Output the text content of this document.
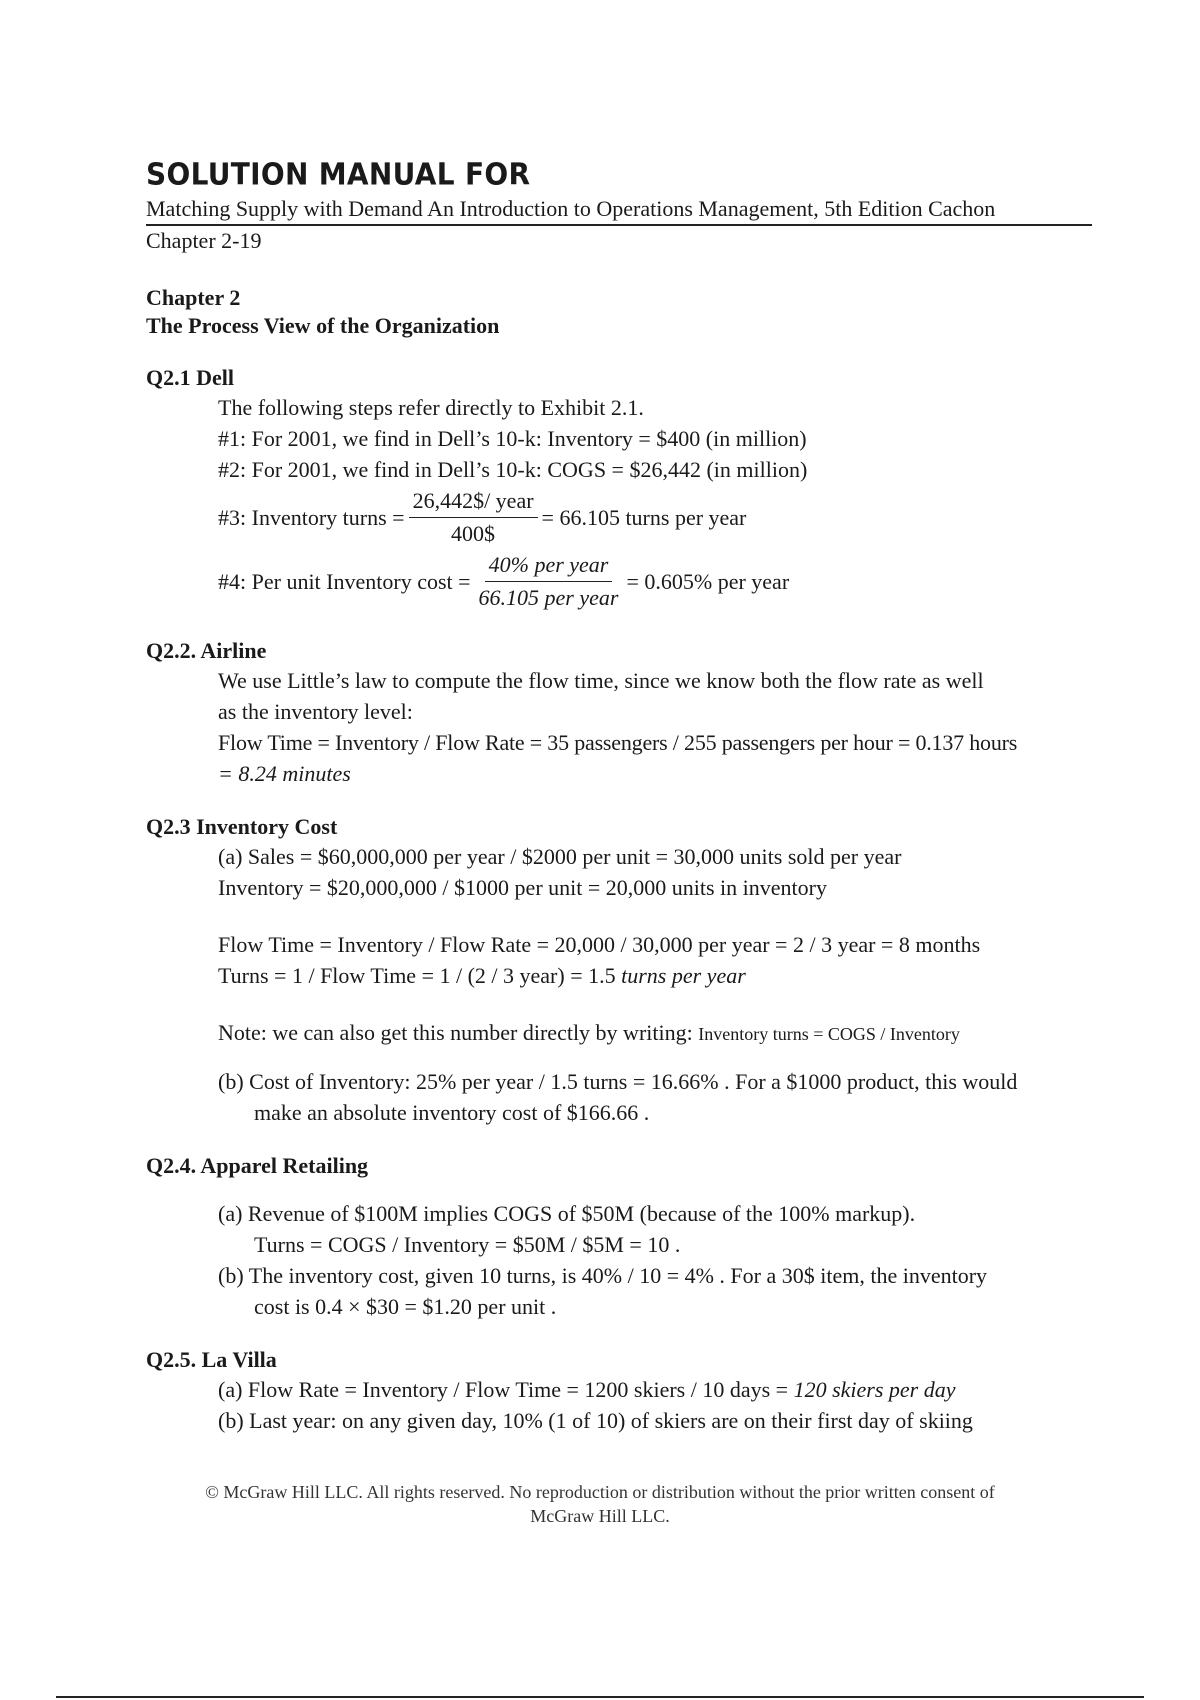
SOLUTION MANUAL FOR
Matching Supply with Demand An Introduction to Operations Management, 5th Edition Cachon
Chapter 2-19
Chapter 2
The Process View of the Organization
Q2.1 Dell
The following steps refer directly to Exhibit 2.1.
#1: For 2001, we find in Dell’s 10-k: Inventory = $400 (in million)
#2: For 2001, we find in Dell’s 10-k: COGS = $26,442 (in million)
#3: Inventory turns = $\frac{\text{26,442\$/ year}}{400\$} = 66.105$ turns per year
#4: Per unit Inventory $\cos t = \frac{\text{40\% per year}}{\text{66.105 per year}} = 0.605\%$ per year
Q2.2. Airline
We use Little’s law to compute the flow time, since we know both the flow rate as well
as the inventory level:
Flow Time = Inventory / Flow Rate = 35 passengers / 255 passengers per hour = 0.137 hours
= 8.24 minutes
Q2.3 Inventory Cost
(a) Sales = $60,000,000 per year / $2000 per unit = 30,000 units sold per year
Inventory = $20,000,000 / $1000 per unit = 20,000 units in inventory
Flow Time = Inventory / Flow Rate = 20,000 / 30,000 per year = 2 / 3 year = 8 months
Turns = 1 / Flow Time = 1 / (2 / 3 year) = 1.5 turns per year
Note: we can also get this number directly by writing: Inventory turns = COGS / Inventory
(b) Cost of Inventory: 25% per year / 1.5 turns = 16.66% . For a $1000 product, this would
make an absolute inventory cost of $166.66 .
Q2.4. Apparel Retailing
(a) Revenue of $100M implies COGS of $50M (because of the 100% markup).
Turns = COGS / Inventory = $50M / $5M = 10 .
(b) The inventory cost, given 10 turns, is 40% / 10 = 4% . For a 30$ item, the inventory
cost is 0.4 × $30 = $1.20 per unit .
Q2.5. La Villa
(a) Flow Rate = Inventory / Flow Time = 1200 skiers / 10 days = 120 skiers per day
(b) Last year: on any given day, 10% (1 of 10) of skiers are on their first day of skiing
© McGraw Hill LLC. All rights reserved. No reproduction or distribution without the prior written consent of
McGraw Hill LLC.
